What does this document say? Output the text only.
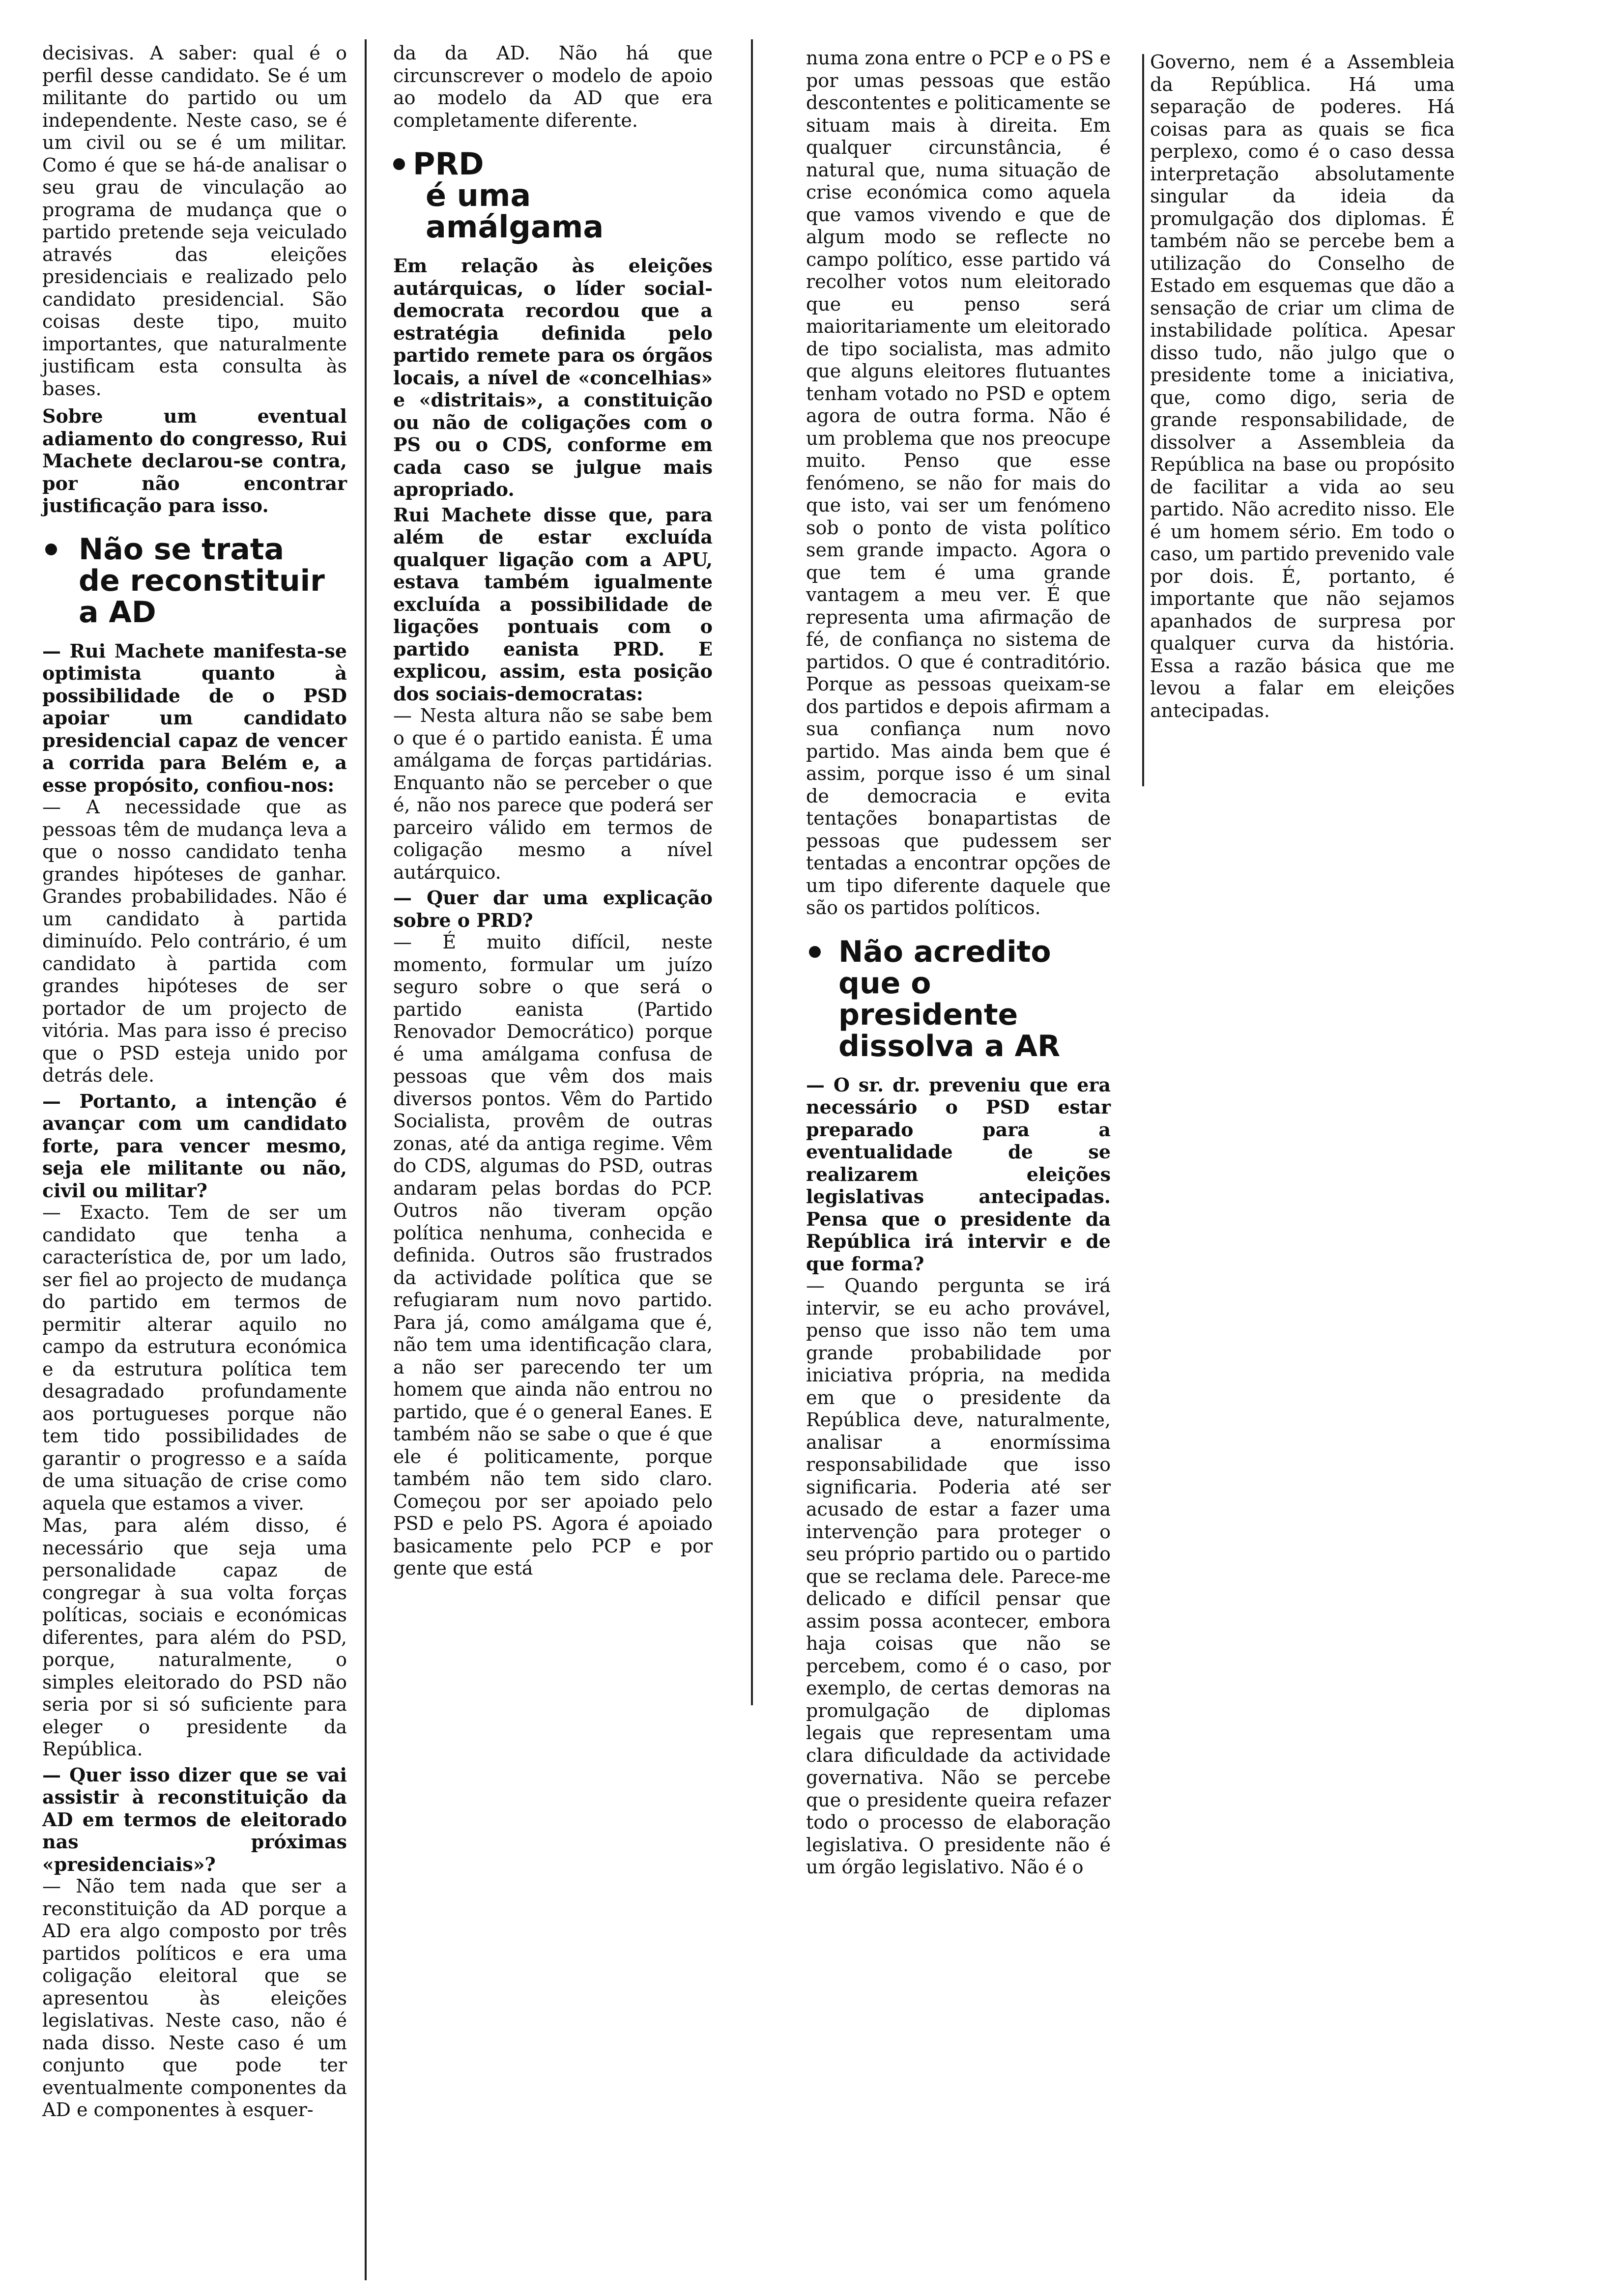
decisivas. A saber: qual é o perfil desse candidato. Se é um militante do partido ou um independente. Neste caso, se é um civil ou se é um militar. Como é que se há-de analisar o seu grau de vinculação ao programa de mudança que o partido pretende seja veiculado através das eleições presidenciais e realizado pelo candidato presidencial. São coisas deste tipo, muito importantes, que naturalmente justificam esta consulta às bases.

Sobre um eventual adiamento do congresso, Rui Machete declarou-se contra, por não encontrar justificação para isso.

Não se trata
de reconstituir
a AD

— Rui Machete manifesta-se optimista quanto à possibilidade de o PSD apoiar um candidato presidencial capaz de vencer a corrida para Belém e, a esse propósito, confiou-nos:

— A necessidade que as pessoas têm de mudança leva a que o nosso candidato tenha grandes hipóteses de ganhar. Grandes probabilidades. Não é um candidato à partida diminuído. Pelo contrário, é um candidato à partida com grandes hipóteses de ser portador de um projecto de vitória. Mas para isso é preciso que o PSD esteja unido por detrás dele.

— Portanto, a intenção é avançar com um candidato forte, para vencer mesmo, seja ele militante ou não, civil ou militar?

— Exacto. Tem de ser um candidato que tenha a característica de, por um lado, ser fiel ao projecto de mudança do partido em termos de permitir alterar aquilo no campo da estrutura económica e da estrutura política tem desagradado profundamente aos portugueses porque não tem tido possibilidades de garantir o progresso e a saída de uma situação de crise como aquela que estamos a viver.

Mas, para além disso, é necessário que seja uma personalidade capaz de congregar à sua volta forças políticas, sociais e económicas diferentes, para além do PSD, porque, naturalmente, o simples eleitorado do PSD não seria por si só suficiente para eleger o presidente da República.

— Quer isso dizer que se vai assistir à reconstituição da AD em termos de eleitorado nas próximas «presidenciais»?

— Não tem nada que ser a reconstituição da AD porque a AD era algo composto por três partidos políticos e era uma coligação eleitoral que se apresentou às eleições legislativas. Neste caso, não é nada disso. Neste caso é um conjunto que pode ter eventualmente componentes da AD e componentes à esquer-

da da AD. Não há que circunscrever o modelo de apoio ao modelo da AD que era completamente diferente.

PRD
é uma
amálgama

Em relação às eleições autárquicas, o líder social-democrata recordou que a estratégia definida pelo partido remete para os órgãos locais, a nível de «concelhias» e «distritais», a constituição ou não de coligações com o PS ou o CDS, conforme em cada caso se julgue mais apropriado.

Rui Machete disse que, para além de estar excluída qualquer ligação com a APU, estava também igualmente excluída a possibilidade de ligações pontuais com o partido eanista PRD. E explicou, assim, esta posição dos sociais-democratas:

— Nesta altura não se sabe bem o que é o partido eanista. É uma amálgama de forças partidárias. Enquanto não se perceber o que é, não nos parece que poderá ser parceiro válido em termos de coligação mesmo a nível autárquico.

— Quer dar uma explicação sobre o PRD?

— É muito difícil, neste momento, formular um juízo seguro sobre o que será o partido eanista (Partido Renovador Democrático) porque é uma amálgama confusa de pessoas que vêm dos mais diversos pontos. Vêm do Partido Socialista, provêm de outras zonas, até da antiga regime. Vêm do CDS, algumas do PSD, outras andaram pelas bordas do PCP. Outros não tiveram opção política nenhuma, conhecida e definida. Outros são frustrados da actividade política que se refugiaram num novo partido. Para já, como amálgama que é, não tem uma identificação clara, a não ser parecendo ter um homem que ainda não entrou no partido, que é o general Eanes. E também não se sabe o que é que ele é politicamente, porque também não tem sido claro. Começou por ser apoiado pelo PSD e pelo PS. Agora é apoiado basicamente pelo PCP e por gente que está

numa zona entre o PCP e o PS e por umas pessoas que estão descontentes e politicamente se situam mais à direita. Em qualquer circunstância, é natural que, numa situação de crise económica como aquela que vamos vivendo e que de algum modo se reflecte no campo político, esse partido vá recolher votos num eleitorado que eu penso será maioritariamente um eleitorado de tipo socialista, mas admito que alguns eleitores flutuantes tenham votado no PSD e optem agora de outra forma. Não é um problema que nos preocupe muito. Penso que esse fenómeno, se não for mais do que isto, vai ser um fenómeno sob o ponto de vista político sem grande impacto. Agora o que tem é uma grande vantagem a meu ver. É que representa uma afirmação de fé, de confiança no sistema de partidos. O que é contraditório. Porque as pessoas queixam-se dos partidos e depois afirmam a sua confiança num novo partido. Mas ainda bem que é assim, porque isso é um sinal de democracia e evita tentações bonapartistas de pessoas que pudessem ser tentadas a encontrar opções de um tipo diferente daquele que são os partidos políticos.

Não acredito
que o presidente
dissolva a AR

— O sr. dr. preveniu que era necessário o PSD estar preparado para a eventualidade de se realizarem eleições legislativas antecipadas. Pensa que o presidente da República irá intervir e de que forma?

— Quando pergunta se irá intervir, se eu acho provável, penso que isso não tem uma grande probabilidade por iniciativa própria, na medida em que o presidente da República deve, naturalmente, analisar a enormíssima responsabilidade que isso significaria. Poderia até ser acusado de estar a fazer uma intervenção para proteger o seu próprio partido ou o partido que se reclama dele. Parece-me delicado e difícil pensar que assim possa acontecer, embora haja coisas que não se percebem, como é o caso, por exemplo, de certas demoras na promulgação de diplomas legais que representam uma clara dificuldade da actividade governativa. Não se percebe que o presidente queira refazer todo o processo de elaboração legislativa. O presidente não é um órgão legislativo. Não é o

Governo, nem é a Assembleia da República. Há uma separação de poderes. Há coisas para as quais se fica perplexo, como é o caso dessa interpretação absolutamente singular da ideia da promulgação dos diplomas. É também não se percebe bem a utilização do Conselho de Estado em esquemas que dão a sensação de criar um clima de instabilidade política. Apesar disso tudo, não julgo que o presidente tome a iniciativa, que, como digo, seria de grande responsabilidade, de dissolver a Assembleia da República na base ou propósito de facilitar a vida ao seu partido. Não acredito nisso. Ele é um homem sério. Em todo o caso, um partido prevenido vale por dois. É, portanto, é importante que não sejamos apanhados de surpresa por qualquer curva da história. Essa a razão básica que me levou a falar em eleições antecipadas.
